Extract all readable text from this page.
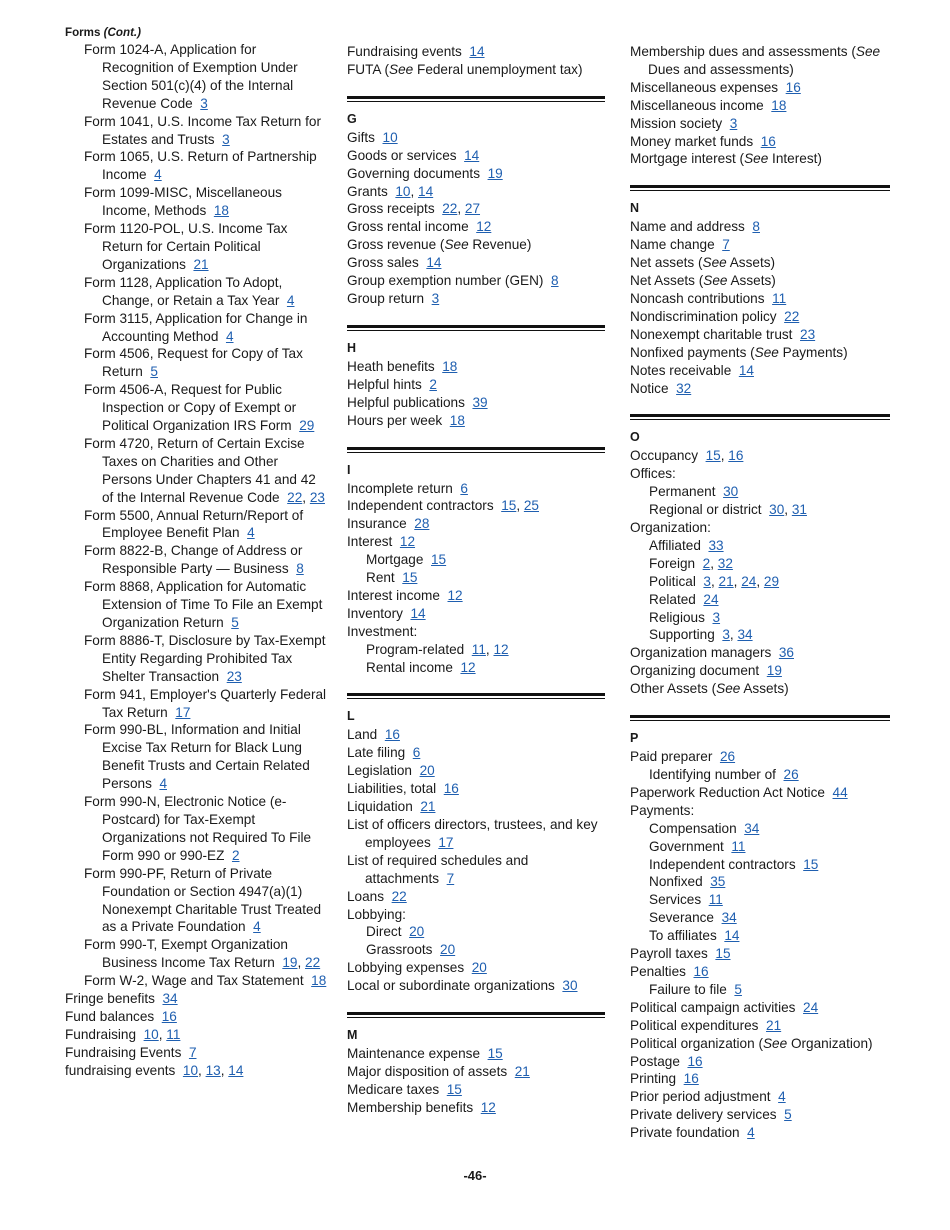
Forms (Cont.)
Form 1024-A, Application for Recognition of Exemption Under Section 501(c)(4) of the Internal Revenue Code 3
Form 1041, U.S. Income Tax Return for Estates and Trusts 3
Form 1065, U.S. Return of Partnership Income 4
Form 1099-MISC, Miscellaneous Income, Methods 18
Form 1120-POL, U.S. Income Tax Return for Certain Political Organizations 21
Form 1128, Application To Adopt, Change, or Retain a Tax Year 4
Form 3115, Application for Change in Accounting Method 4
Form 4506, Request for Copy of Tax Return 5
Form 4506-A, Request for Public Inspection or Copy of Exempt or Political Organization IRS Form 29
Form 4720, Return of Certain Excise Taxes on Charities and Other Persons Under Chapters 41 and 42 of the Internal Revenue Code 22, 23
Form 5500, Annual Return/Report of Employee Benefit Plan 4
Form 8822-B, Change of Address or Responsible Party — Business 8
Form 8868, Application for Automatic Extension of Time To File an Exempt Organization Return 5
Form 8886-T, Disclosure by Tax-Exempt Entity Regarding Prohibited Tax Shelter Transaction 23
Form 941, Employer's Quarterly Federal Tax Return 17
Form 990-BL, Information and Initial Excise Tax Return for Black Lung Benefit Trusts and Certain Related Persons 4
Form 990-N, Electronic Notice (e-Postcard) for Tax-Exempt Organizations not Required To File Form 990 or 990-EZ 2
Form 990-PF, Return of Private Foundation or Section 4947(a)(1) Nonexempt Charitable Trust Treated as a Private Foundation 4
Form 990-T, Exempt Organization Business Income Tax Return 19, 22
Form W-2, Wage and Tax Statement 18
Fringe benefits 34
Fund balances 16
Fundraising 10, 11
Fundraising Events 7
fundraising events 10, 13, 14
Fundraising events 14
FUTA (See Federal unemployment tax)
G
Gifts 10
Goods or services 14
Governing documents 19
Grants 10, 14
Gross receipts 22, 27
Gross rental income 12
Gross revenue (See Revenue)
Gross sales 14
Group exemption number (GEN) 8
Group return 3
H
Heath benefits 18
Helpful hints 2
Helpful publications 39
Hours per week 18
I
Incomplete return 6
Independent contractors 15, 25
Insurance 28
Interest 12
Mortgage 15
Rent 15
Interest income 12
Inventory 14
Investment:
Program-related 11, 12
Rental income 12
L
Land 16
Late filing 6
Legislation 20
Liabilities, total 16
Liquidation 21
List of officers directors, trustees, and key employees 17
List of required schedules and attachments 7
Loans 22
Lobbying:
Direct 20
Grassroots 20
Lobbying expenses 20
Local or subordinate organizations 30
M
Maintenance expense 15
Major disposition of assets 21
Medicare taxes 15
Membership benefits 12
Membership dues and assessments (See Dues and assessments)
Miscellaneous expenses 16
Miscellaneous income 18
Mission society 3
Money market funds 16
Mortgage interest (See Interest)
N
Name and address 8
Name change 7
Net assets (See Assets)
Net Assets (See Assets)
Noncash contributions 11
Nondiscrimination policy 22
Nonexempt charitable trust 23
Nonfixed payments (See Payments)
Notes receivable 14
Notice 32
O
Occupancy 15, 16
Offices:
Permanent 30
Regional or district 30, 31
Organization:
Affiliated 33
Foreign 2, 32
Political 3, 21, 24, 29
Related 24
Religious 3
Supporting 3, 34
Organization managers 36
Organizing document 19
Other Assets (See Assets)
P
Paid preparer 26
Identifying number of 26
Paperwork Reduction Act Notice 44
Payments:
Compensation 34
Government 11
Independent contractors 15
Nonfixed 35
Services 11
Severance 34
To affiliates 14
Payroll taxes 15
Penalties 16
Failure to file 5
Political campaign activities 24
Political expenditures 21
Political organization (See Organization)
Postage 16
Printing 16
Prior period adjustment 4
Private delivery services 5
Private foundation 4
-46-
